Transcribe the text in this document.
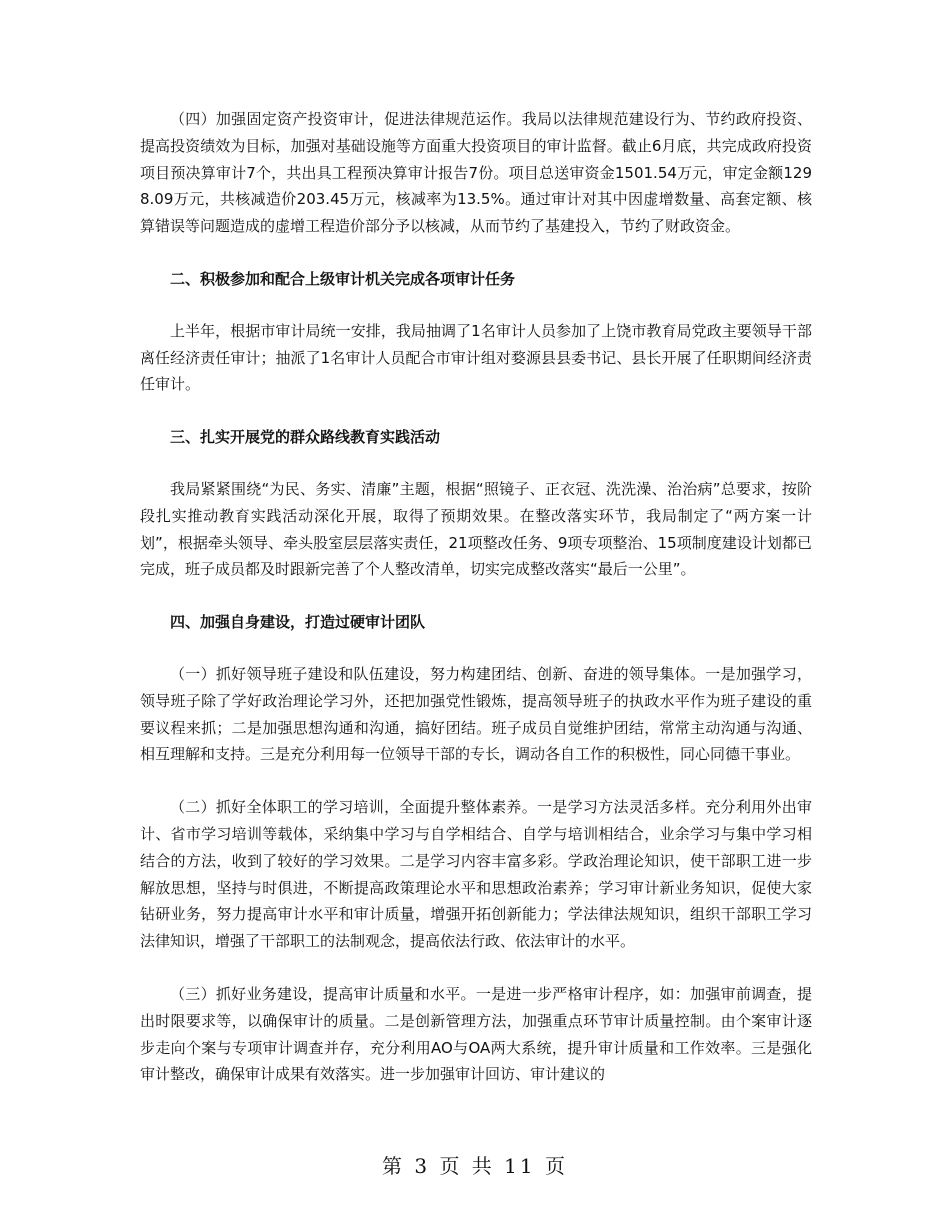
（四）加强固定资产投资审计，促进法律规范运作。我局以法律规范建设行为、节约政府投资、提高投资绩效为目标，加强对基础设施等方面重大投资项目的审计监督。截止6月底，共完成政府投资项目预决算审计7个，共出具工程预决算审计报告7份。项目总送审资金1501.54万元，审定金额1298.09万元，共核减造价203.45万元，核减率为13.5%。通过审计对其中因虚增数量、高套定额、核算错误等问题造成的虚增工程造价部分予以核减，从而节约了基建投入，节约了财政资金。

二、积极参加和配合上级审计机关完成各项审计任务

上半年，根据市审计局统一安排，我局抽调了1名审计人员参加了上饶市教育局党政主要领导干部离任经济责任审计；抽派了1名审计人员配合市审计组对婺源县县委书记、县长开展了任职期间经济责任审计。

三、扎实开展党的群众路线教育实践活动

我局紧紧围绕“为民、务实、清廉”主题，根据“照镜子、正衣冠、洗洗澡、治治病”总要求，按阶段扎实推动教育实践活动深化开展，取得了预期效果。在整改落实环节，我局制定了“两方案一计划”，根据牵头领导、牵头股室层层落实责任，21项整改任务、9项专项整治、15项制度建设计划都已完成，班子成员都及时跟新完善了个人整改清单，切实完成整改落实“最后一公里”。

四、加强自身建设，打造过硬审计团队

（一）抓好领导班子建设和队伍建设，努力构建团结、创新、奋进的领导集体。一是加强学习，领导班子除了学好政治理论学习外，还把加强党性锻炼，提高领导班子的执政水平作为班子建设的重要议程来抓；二是加强思想沟通和沟通，搞好团结。班子成员自觉维护团结，常常主动沟通与沟通、相互理解和支持。三是充分利用每一位领导干部的专长，调动各自工作的积极性，同心同德干事业。

（二）抓好全体职工的学习培训，全面提升整体素养。一是学习方法灵活多样。充分利用外出审计、省市学习培训等载体，采纳集中学习与自学相结合、自学与培训相结合，业余学习与集中学习相结合的方法，收到了较好的学习效果。二是学习内容丰富多彩。学政治理论知识，使干部职工进一步解放思想，坚持与时俱进，不断提高政策理论水平和思想政治素养；学习审计新业务知识，促使大家钻研业务，努力提高审计水平和审计质量，增强开拓创新能力；学法律法规知识，组织干部职工学习法律知识，增强了干部职工的法制观念，提高依法行政、依法审计的水平。

（三）抓好业务建设，提高审计质量和水平。一是进一步严格审计程序，如：加强审前调查，提出时限要求等，以确保审计的质量。二是创新管理方法，加强重点环节审计质量控制。由个案审计逐步走向个案与专项审计调查并存，充分利用AO与OA两大系统，提升审计质量和工作效率。三是强化审计整改，确保审计成果有效落实。进一步加强审计回访、审计建议的

第 3 页 共 11 页
